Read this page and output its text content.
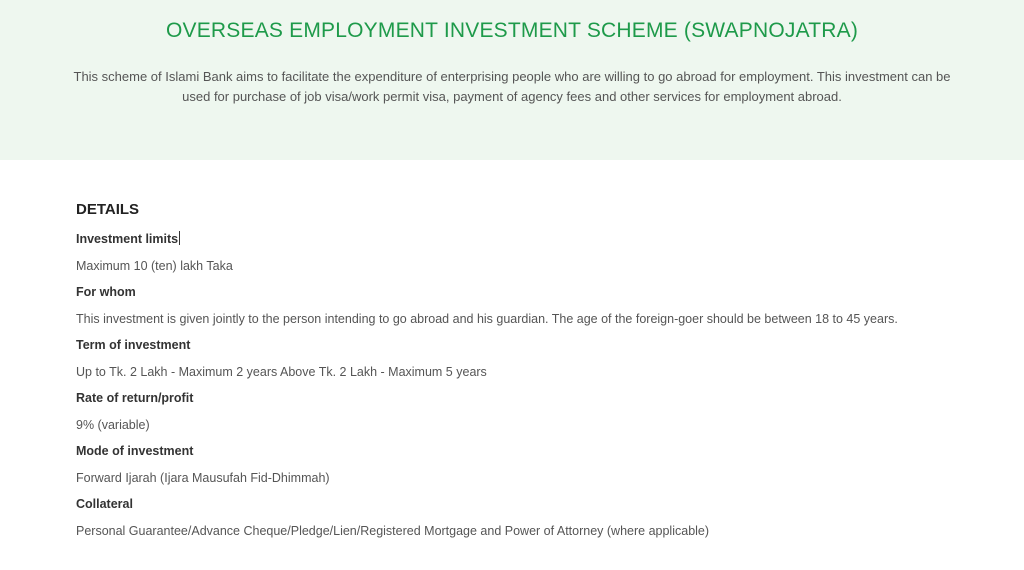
OVERSEAS EMPLOYMENT INVESTMENT SCHEME (SWAPNOJATRA)
This scheme of Islami Bank aims to facilitate the expenditure of enterprising people who are willing to go abroad for employment. This investment can be used for purchase of job visa/work permit visa, payment of agency fees and other services for employment abroad.
DETAILS
Investment limits
Maximum 10 (ten) lakh Taka
For whom
This investment is given jointly to the person intending to go abroad and his guardian. The age of the foreign-goer should be between 18 to 45 years.
Term of investment
Up to Tk. 2 Lakh - Maximum 2 years Above Tk. 2 Lakh - Maximum 5 years
Rate of return/profit
9% (variable)
Mode of investment
Forward Ijarah (Ijara Mausufah Fid-Dhimmah)
Collateral
Personal Guarantee/Advance Cheque/Pledge/Lien/Registered Mortgage and Power of Attorney (where applicable)
